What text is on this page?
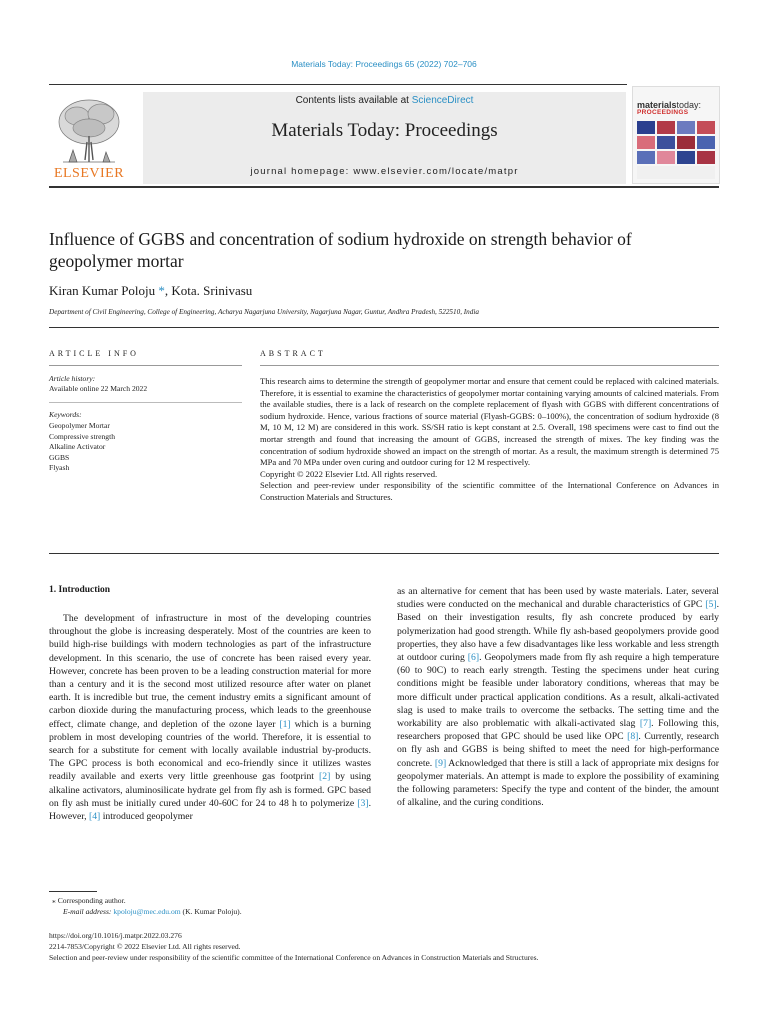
Materials Today: Proceedings 65 (2022) 702–706
ELSEVIER
Contents lists available at ScienceDirect
Materials Today: Proceedings
journal homepage: www.elsevier.com/locate/matpr
materialstoday:
PROCEEDINGS
Influence of GGBS and concentration of sodium hydroxide on strength behavior of geopolymer mortar
Kiran Kumar Poloju *, Kota. Srinivasu
Department of Civil Engineering, College of Engineering, Acharya Nagarjuna University, Nagarjuna Nagar, Guntur, Andhra Pradesh, 522510, India
ARTICLE INFO
Article history:
Available online 22 March 2022
Keywords:
Geopolymer Mortar
Compressive strength
Alkaline Activator
GGBS
Flyash
ABSTRACT

This research aims to determine the strength of geopolymer mortar and ensure that cement could be replaced with calcined materials. Therefore, it is essential to examine the characteristics of geopolymer mortar containing varying amounts of calcined materials. From the available studies, there is a lack of research on the complete replacement of flyash with GGBS with different concentrations of sodium hydroxide. Hence, various fractions of source material (Flyash-GGBS: 0–100%), the concentration of sodium hydroxide (8 M, 10 M, 12 M) are considered in this work. SS/SH ratio is kept constant at 2.5. Overall, 198 specimens were cast to find out the mortar strength and found that increasing the amount of GGBS, increased the strength of mixes. The key finding was the concentration of sodium hydroxide showed an impact on the strength of mortar. As a result, the maximum strength is determined 75 MPa and 70 MPa under oven curing and outdoor curing for 12 M respectively.

Copyright © 2022 Elsevier Ltd. All rights reserved.

Selection and peer-review under responsibility of the scientific committee of the International Conference on Advances in Construction Materials and Structures.

1. Introduction
The development of infrastructure in most of the developing countries throughout the globe is increasing desperately. Most of the countries are keen to build high-rise buildings with modern technologies as part of the infrastructure development. In this scenario, the use of concrete has been raised every year. However, concrete has been proven to be a leading construction material for more than a century and it is the second most utilized resource after water on planet earth. It is incredible but true, the cement industry emits a significant amount of carbon dioxide during the manufacturing process, which leads to the greenhouse effect, climate change, and depletion of the ozone layer [1] which is a burning problem in most developing countries of the world. Therefore, it is essential to search for a substitute for cement with locally available industrial by-products. The GPC process is both economical and eco-friendly since it utilizes wastes readily available and exerts very little greenhouse gas footprint [2] by using alkaline activators, aluminosilicate hydrate gel from fly ash is formed. GPC based on fly ash must be initially cured under 40-60C for 24 to 48 h to polymerize [3]. However, [4] introduced geopolymer
as an alternative for cement that has been used by waste materials. Later, several studies were conducted on the mechanical and durable characteristics of GPC [5]. Based on their investigation results, fly ash concrete produced by early polymerization had good strength. While fly ash-based geopolymers provide good properties, they also have a few disadvantages like less workable and less strength at outdoor curing [6]. Geopolymers made from fly ash require a high temperature (60 to 90C) to reach early strength. Testing the specimens under heat curing conditions might be feasible under laboratory conditions, whereas that may be more difficult under practical application conditions. As a result, alkali-activated slag is used to make trails to overcome the setbacks. The setting time and the workability are also problematic with alkali-activated slag [7]. Following this, researchers proposed that GPC should be used like OPC [8]. Currently, research on fly ash and GGBS is being shifted to meet the need for high-performance concrete. [9] Acknowledged that there is still a lack of appropriate mix designs for geopolymer materials. An attempt is made to explore the possibility of examining the following parameters: Specify the type and content of the binder, the amount of alkaline, and the curing conditions.
⁎ Corresponding author.
E-mail address: kpoloju@mec.edu.om (K. Kumar Poloju).
https://doi.org/10.1016/j.matpr.2022.03.276
2214-7853/Copyright © 2022 Elsevier Ltd. All rights reserved.
Selection and peer-review under responsibility of the scientific committee of the International Conference on Advances in Construction Materials and Structures.
